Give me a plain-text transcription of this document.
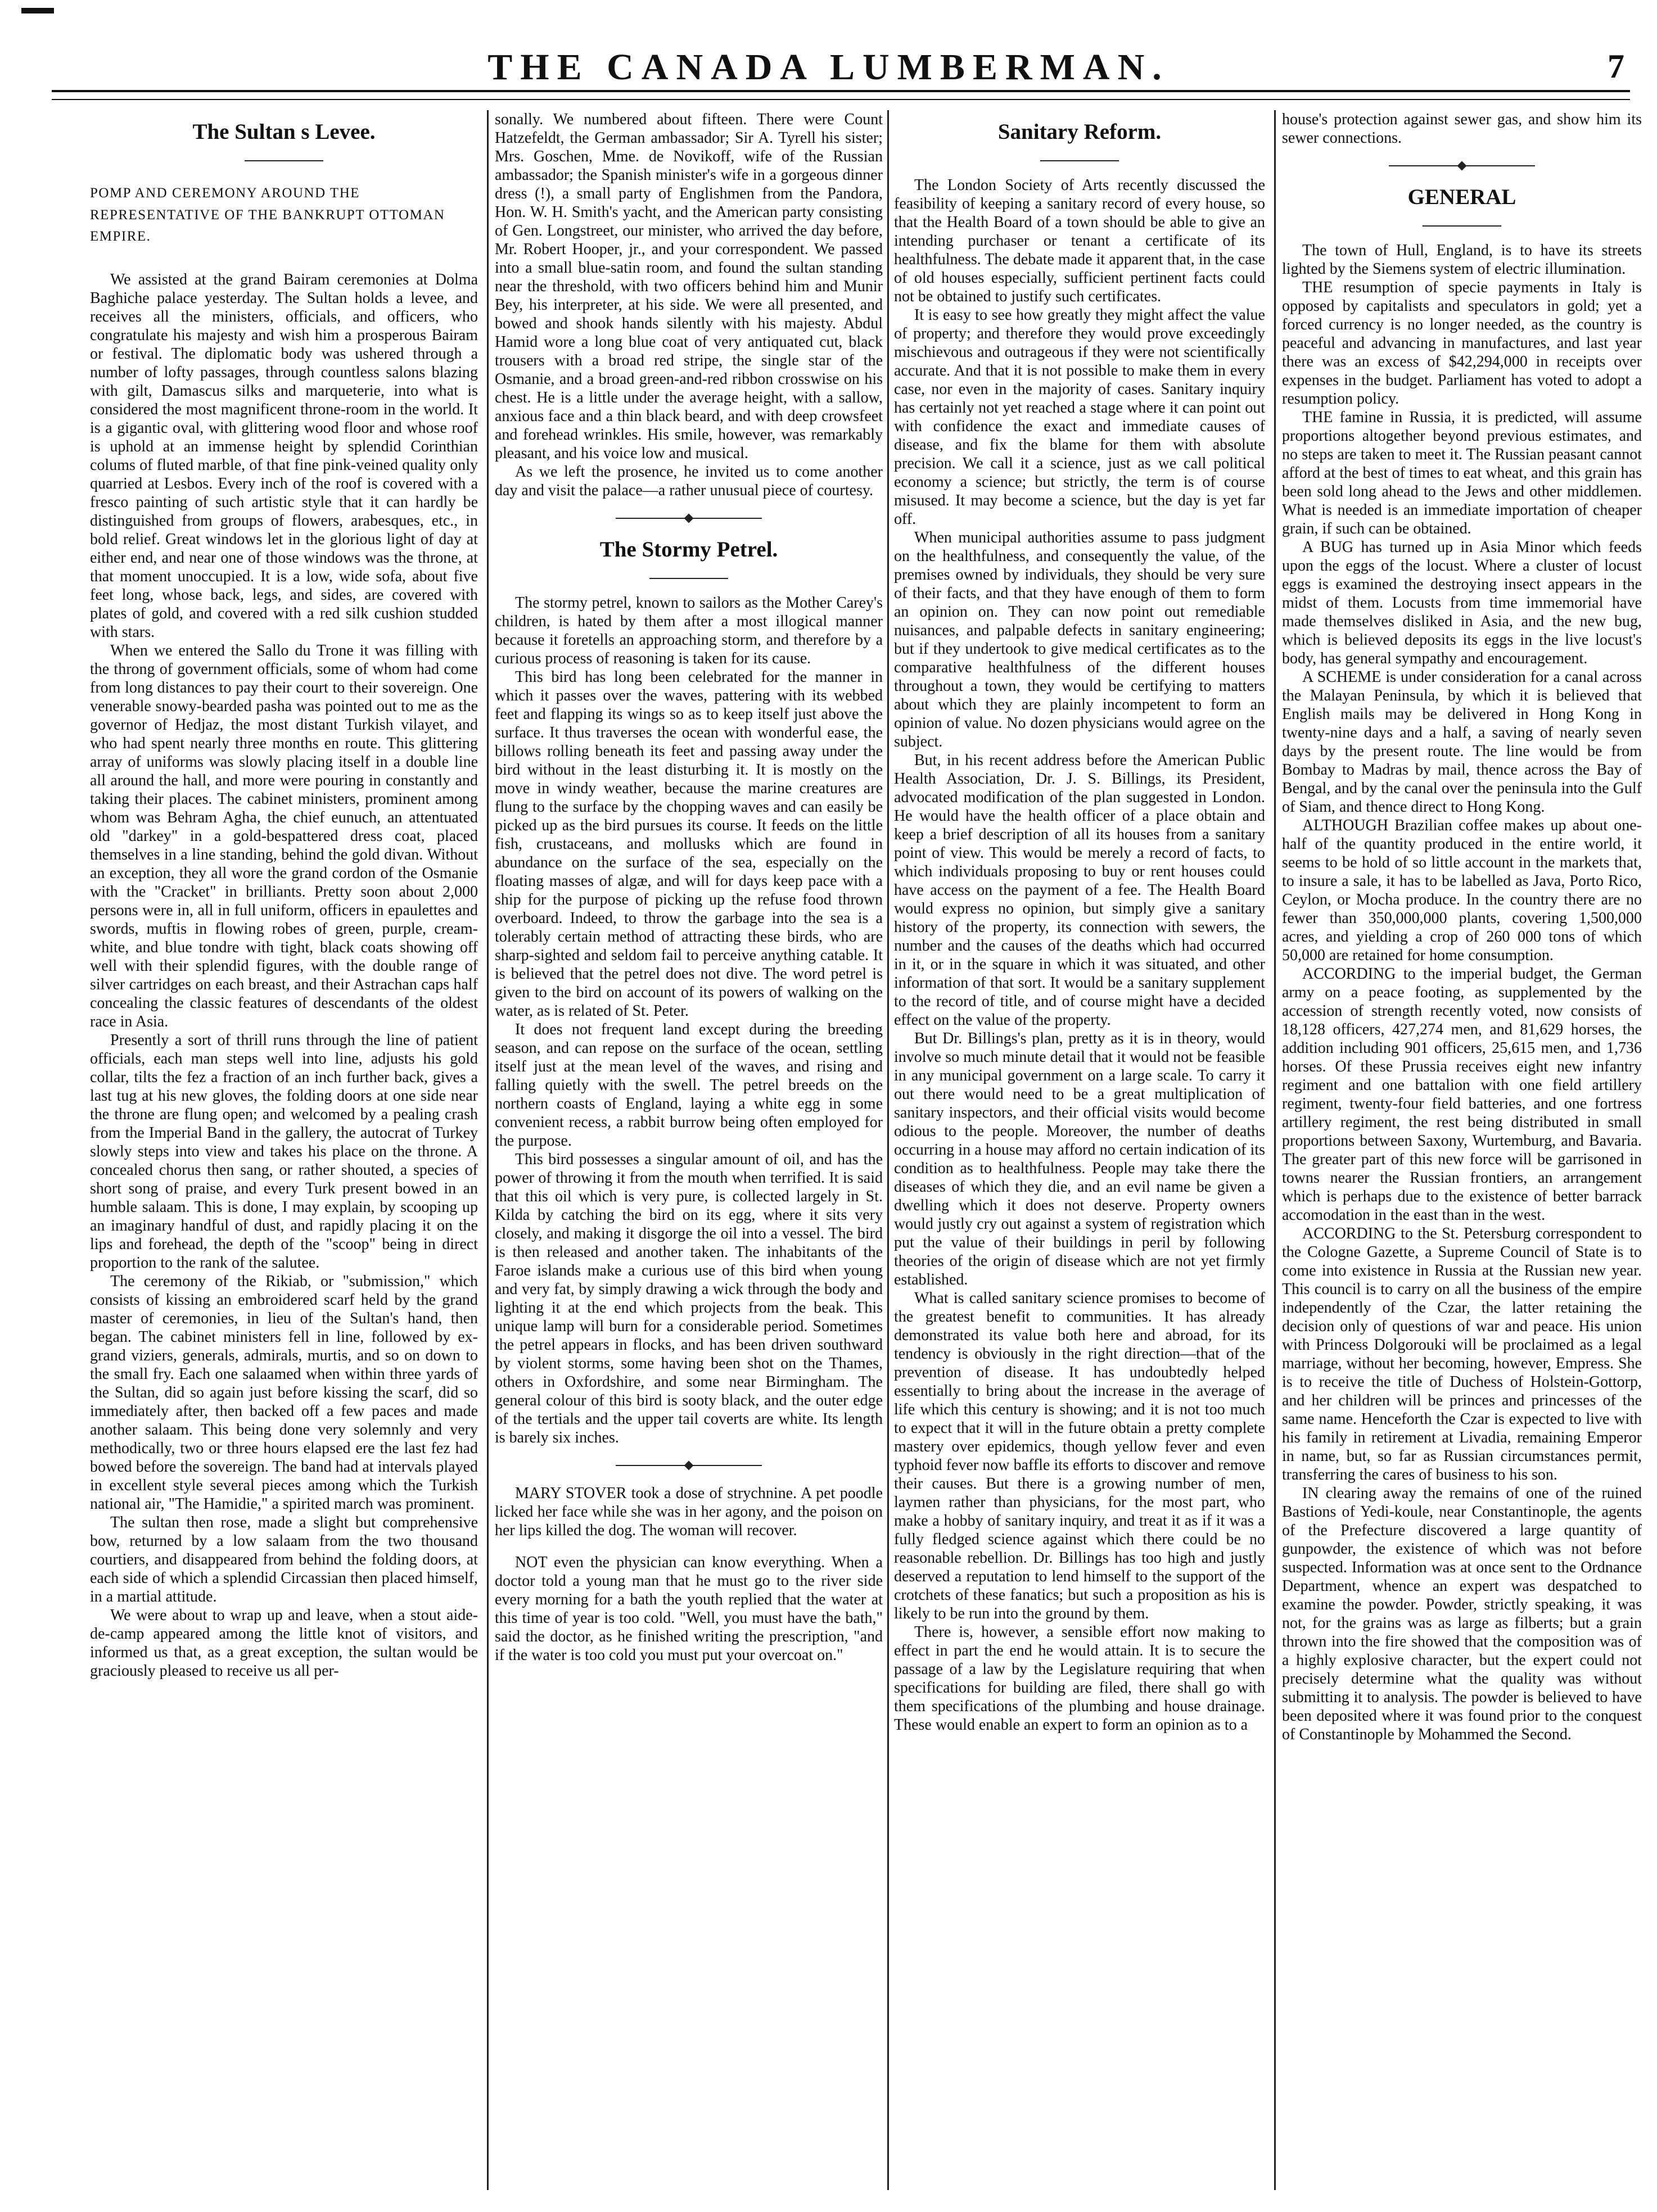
THE CANADA LUMBERMAN.	7
The Sultan s Levee.
POMP AND CEREMONY AROUND THE REPRESENTATIVE OF THE BANKRUPT OTTOMAN EMPIRE.

We assisted at the grand Bairam ceremonies at Dolma Baghiche palace yesterday. The Sultan holds a levee, and receives all the ministers, officials, and officers, who congratulate his majesty and wish him a prosperous Bairam or festival. The diplomatic body was ushered through a number of lofty passages, through countless salons blazing with gilt, Damascus silks and marqueterie, into what is considered the most magnificent throne-room in the world. It is a gigantic oval, with glittering wood floor and whose roof is uphold at an immense height by splendid Corinthian colums of fluted marble, of that fine pink-veined quality only quarried at Lesbos. Every inch of the roof is covered with a fresco painting of such artistic style that it can hardly be distinguished from groups of flowers, arabesques, etc., in bold relief. Great windows let in the glorious light of day at either end, and near one of those windows was the throne, at that moment unoccupied. It is a low, wide sofa, about five feet long, whose back, legs, and sides, are covered with plates of gold, and covered with a red silk cushion studded with stars.

When we entered the Sallo du Trone it was filling with the throng of government officials, some of whom had come from long distances to pay their court to their sovereign. One venerable snowy-bearded pasha was pointed out to me as the governor of Hedjaz, the most distant Turkish vilayet, and who had spent nearly three months en route. This glittering array of uniforms was slowly placing itself in a double line all around the hall, and more were pouring in constantly and taking their places. The cabinet ministers, prominent among whom was Behram Agha, the chief eunuch, an attentuated old "darkey" in a gold-bespattered dress coat, placed themselves in a line standing, behind the gold divan. Without an exception, they all wore the grand cordon of the Osmanie with the "Cracket" in brilliants. Pretty soon about 2,000 persons were in, all in full uniform, officers in epaulettes and swords, muftis in flowing robes of green, purple, cream-white, and blue tondre with tight, black coats showing off well with their splendid figures, with the double range of silver cartridges on each breast, and their Astrachan caps half concealing the classic features of descendants of the oldest race in Asia.

Presently a sort of thrill runs through the line of patient officials, each man steps well into line, adjusts his gold collar, tilts the fez a fraction of an inch further back, gives a last tug at his new gloves, the folding doors at one side near the throne are flung open; and welcomed by a pealing crash from the Imperial Band in the gallery, the autocrat of Turkey slowly steps into view and takes his place on the throne. A concealed chorus then sang, or rather shouted, a species of short song of praise, and every Turk present bowed in an humble salaam. This is done, I may explain, by scooping up an imaginary handful of dust, and rapidly placing it on the lips and forehead, the depth of the "scoop" being in direct proportion to the rank of the salutee.

The ceremony of the Rikiab, or "submission," which consists of kissing an embroidered scarf held by the grand master of ceremonies, in lieu of the Sultan's hand, then began. The cabinet ministers fell in line, followed by ex-grand viziers, generals, admirals, murtis, and so on down to the small fry. Each one salaamed when within three yards of the Sultan, did so again just before kissing the scarf, did so immediately after, then backed off a few paces and made another salaam. This being done very solemnly and very methodically, two or three hours elapsed ere the last fez had bowed before the sovereign. The band had at intervals played in excellent style several pieces among which the Turkish national air, "The Hamidie," a spirited march was prominent.

The sultan then rose, made a slight but comprehensive bow, returned by a low salaam from the two thousand courtiers, and disappeared from behind the folding doors, at each side of which a splendid Circassian then placed himself, in a martial attitude.

We were about to wrap up and leave, when a stout aide-de-camp appeared among the little knot of visitors, and informed us that, as a great exception, the sultan would be graciously pleased to receive us all per-

sonally. We numbered about fifteen. There were Count Hatzefeldt, the German ambassador; Sir A. Tyrell his sister; Mrs. Goschen, Mme. de Novikoff, wife of the Russian ambassador; the Spanish minister's wife in a gorgeous dinner dress (!), a small party of Englishmen from the Pandora, Hon. W. H. Smith's yacht, and the American party consisting of Gen. Longstreet, our minister, who arrived the day before, Mr. Robert Hooper, jr., and your correspondent. We passed into a small blue-satin room, and found the sultan standing near the threshold, with two officers behind him and Munir Bey, his interpreter, at his side. We were all presented, and bowed and shook hands silently with his majesty. Abdul Hamid wore a long blue coat of very antiquated cut, black trousers with a broad red stripe, the single star of the Osmanie, and a broad green-and-red ribbon crosswise on his chest. He is a little under the average height, with a sallow, anxious face and a thin black beard, and with deep crowsfeet and forehead wrinkles. His smile, however, was remarkably pleasant, and his voice low and musical.

As we left the prosence, he invited us to come another day and visit the palace—a rather unusual piece of courtesy.

The Stormy Petrel.

The stormy petrel, known to sailors as the Mother Carey's children, is hated by them after a most illogical manner because it foretells an approaching storm, and therefore by a curious process of reasoning is taken for its cause.

This bird has long been celebrated for the manner in which it passes over the waves, pattering with its webbed feet and flapping its wings so as to keep itself just above the surface. It thus traverses the ocean with wonderful ease, the billows rolling beneath its feet and passing away under the bird without in the least disturbing it. It is mostly on the move in windy weather, because the marine creatures are flung to the surface by the chopping waves and can easily be picked up as the bird pursues its course. It feeds on the little fish, crustaceans, and mollusks which are found in abundance on the surface of the sea, especially on the floating masses of algæ, and will for days keep pace with a ship for the purpose of picking up the refuse food thrown overboard. Indeed, to throw the garbage into the sea is a tolerably certain method of attracting these birds, who are sharp-sighted and seldom fail to perceive anything catable. It is believed that the petrel does not dive. The word petrel is given to the bird on account of its powers of walking on the water, as is related of St. Peter.

It does not frequent land except during the breeding season, and can repose on the surface of the ocean, settling itself just at the mean level of the waves, and rising and falling quietly with the swell. The petrel breeds on the northern coasts of England, laying a white egg in some convenient recess, a rabbit burrow being often employed for the purpose.

This bird possesses a singular amount of oil, and has the power of throwing it from the mouth when terrified. It is said that this oil which is very pure, is collected largely in St. Kilda by catching the bird on its egg, where it sits very closely, and making it disgorge the oil into a vessel. The bird is then released and another taken. The inhabitants of the Faroe islands make a curious use of this bird when young and very fat, by simply drawing a wick through the body and lighting it at the end which projects from the beak. This unique lamp will burn for a considerable period. Sometimes the petrel appears in flocks, and has been driven southward by violent storms, some having been shot on the Thames, others in Oxfordshire, and some near Birmingham. The general colour of this bird is sooty black, and the outer edge of the tertials and the upper tail coverts are white. Its length is barely six inches.

MARY STOVER took a dose of strychnine. A pet poodle licked her face while she was in her agony, and the poison on her lips killed the dog. The woman will recover.

NOT even the physician can know everything. When a doctor told a young man that he must go to the river side every morning for a bath the youth replied that the water at this time of year is too cold. "Well, you must have the bath," said the doctor, as he finished writing the prescription, "and if the water is too cold you must put your overcoat on."

Sanitary Reform.

The London Society of Arts recently discussed the feasibility of keeping a sanitary record of every house, so that the Health Board of a town should be able to give an intending purchaser or tenant a certificate of its healthfulness. The debate made it apparent that, in the case of old houses especially, sufficient pertinent facts could not be obtained to justify such certificates.

It is easy to see how greatly they might affect the value of property; and therefore they would prove exceedingly mischievous and outrageous if they were not scientifically accurate. And that it is not possible to make them in every case, nor even in the majority of cases. Sanitary inquiry has certainly not yet reached a stage where it can point out with confidence the exact and immediate causes of disease, and fix the blame for them with absolute precision. We call it a science, just as we call political economy a science; but strictly, the term is of course misused. It may become a science, but the day is yet far off.

When municipal authorities assume to pass judgment on the healthfulness, and consequently the value, of the premises owned by individuals, they should be very sure of their facts, and that they have enough of them to form an opinion on. They can now point out remediable nuisances, and palpable defects in sanitary engineering; but if they undertook to give medical certificates as to the comparative healthfulness of the different houses throughout a town, they would be certifying to matters about which they are plainly incompetent to form an opinion of value. No dozen physicians would agree on the subject.

But, in his recent address before the American Public Health Association, Dr. J. S. Billings, its President, advocated modification of the plan suggested in London. He would have the health officer of a place obtain and keep a brief description of all its houses from a sanitary point of view. This would be merely a record of facts, to which individuals proposing to buy or rent houses could have access on the payment of a fee. The Health Board would express no opinion, but simply give a sanitary history of the property, its connection with sewers, the number and the causes of the deaths which had occurred in it, or in the square in which it was situated, and other information of that sort. It would be a sanitary supplement to the record of title, and of course might have a decided effect on the value of the property.

But Dr. Billings's plan, pretty as it is in theory, would involve so much minute detail that it would not be feasible in any municipal government on a large scale. To carry it out there would need to be a great multiplication of sanitary inspectors, and their official visits would become odious to the people. Moreover, the number of deaths occurring in a house may afford no certain indication of its condition as to healthfulness. People may take there the diseases of which they die, and an evil name be given a dwelling which it does not deserve. Property owners would justly cry out against a system of registration which put the value of their buildings in peril by following theories of the origin of disease which are not yet firmly established.

What is called sanitary science promises to become of the greatest benefit to communities. It has already demonstrated its value both here and abroad, for its tendency is obviously in the right direction—that of the prevention of disease. It has undoubtedly helped essentially to bring about the increase in the average of life which this century is showing; and it is not too much to expect that it will in the future obtain a pretty complete mastery over epidemics, though yellow fever and even typhoid fever now baffle its efforts to discover and remove their causes. But there is a growing number of men, laymen rather than physicians, for the most part, who make a hobby of sanitary inquiry, and treat it as if it was a fully fledged science against which there could be no reasonable rebellion. Dr. Billings has too high and justly deserved a reputation to lend himself to the support of the crotchets of these fanatics; but such a proposition as his is likely to be run into the ground by them.

There is, however, a sensible effort now making to effect in part the end he would attain. It is to secure the passage of a law by the Legislature requiring that when specifications for building are filed, there shall go with them specifications of the plumbing and house drainage. These would enable an expert to form an opinion as to a

house's protection against sewer gas, and show him its sewer connections.

GENERAL

The town of Hull, England, is to have its streets lighted by the Siemens system of electric illumination.

THE resumption of specie payments in Italy is opposed by capitalists and speculators in gold; yet a forced currency is no longer needed, as the country is peaceful and advancing in manufactures, and last year there was an excess of $42,294,000 in receipts over expenses in the budget. Parliament has voted to adopt a resumption policy.

THE famine in Russia, it is predicted, will assume proportions altogether beyond previous estimates, and no steps are taken to meet it. The Russian peasant cannot afford at the best of times to eat wheat, and this grain has been sold long ahead to the Jews and other middlemen. What is needed is an immediate importation of cheaper grain, if such can be obtained.

A BUG has turned up in Asia Minor which feeds upon the eggs of the locust. Where a cluster of locust eggs is examined the destroying insect appears in the midst of them. Locusts from time immemorial have made themselves disliked in Asia, and the new bug, which is believed deposits its eggs in the live locust's body, has general sympathy and encouragement.

A SCHEME is under consideration for a canal across the Malayan Peninsula, by which it is believed that English mails may be delivered in Hong Kong in twenty-nine days and a half, a saving of nearly seven days by the present route. The line would be from Bombay to Madras by mail, thence across the Bay of Bengal, and by the canal over the peninsula into the Gulf of Siam, and thence direct to Hong Kong.

ALTHOUGH Brazilian coffee makes up about one-half of the quantity produced in the entire world, it seems to be hold of so little account in the markets that, to insure a sale, it has to be labelled as Java, Porto Rico, Ceylon, or Mocha produce. In the country there are no fewer than 350,000,000 plants, covering 1,500,000 acres, and yielding a crop of 260 000 tons of which 50,000 are retained for home consumption.

ACCORDING to the imperial budget, the German army on a peace footing, as supplemented by the accession of strength recently voted, now consists of 18,128 officers, 427,274 men, and 81,629 horses, the addition including 901 officers, 25,615 men, and 1,736 horses. Of these Prussia receives eight new infantry regiment and one battalion with one field artillery regiment, twenty-four field batteries, and one fortress artillery regiment, the rest being distributed in small proportions between Saxony, Wurtemburg, and Bavaria. The greater part of this new force will be garrisoned in towns nearer the Russian frontiers, an arrangement which is perhaps due to the existence of better barrack accomodation in the east than in the west.

ACCORDING to the St. Petersburg correspondent to the Cologne Gazette, a Supreme Council of State is to come into existence in Russia at the Russian new year. This council is to carry on all the business of the empire independently of the Czar, the latter retaining the decision only of questions of war and peace. His union with Princess Dolgorouki will be proclaimed as a legal marriage, without her becoming, however, Empress. She is to receive the title of Duchess of Holstein-Gottorp, and her children will be princes and princesses of the same name. Henceforth the Czar is expected to live with his family in retirement at Livadia, remaining Emperor in name, but, so far as Russian circumstances permit, transferring the cares of business to his son.

IN clearing away the remains of one of the ruined Bastions of Yedi-koule, near Constantinople, the agents of the Prefecture discovered a large quantity of gunpowder, the existence of which was not before suspected. Information was at once sent to the Ordnance Department, whence an expert was despatched to examine the powder. Powder, strictly speaking, it was not, for the grains was as large as filberts; but a grain thrown into the fire showed that the composition was of a highly explosive character, but the expert could not precisely determine what the quality was without submitting it to analysis. The powder is believed to have been deposited where it was found prior to the conquest of Constantinople by Mohammed the Second.
